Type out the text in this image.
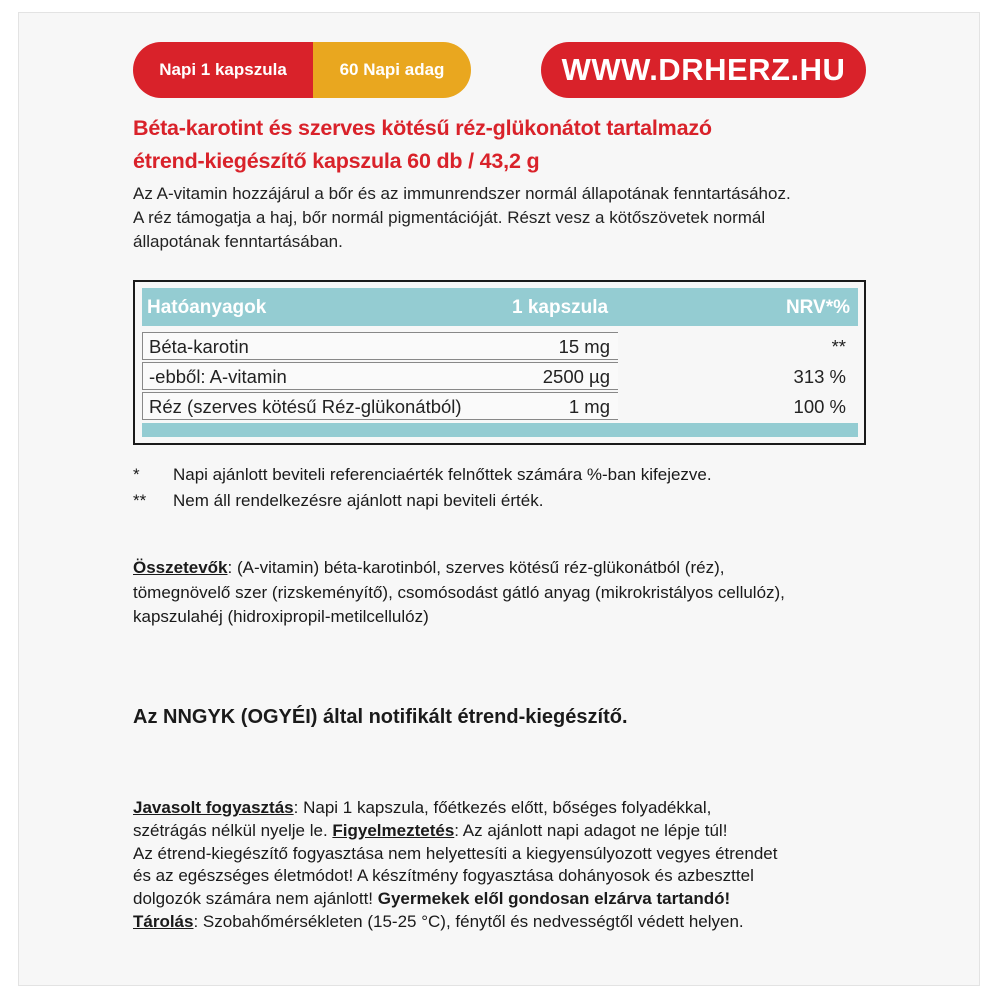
Napi 1 kapszula	60 Napi adag	WWW.DRHERZ.HU
Béta-karotint és szerves kötésű réz-glükonátot tartalmazó
étrend-kiegészítő kapszula 60 db / 43,2 g
Az A-vitamin hozzájárul a bőr és az immunrendszer normál állapotának fenntartásához.
A réz támogatja a haj, bőr normál pigmentációját. Részt vesz a kötőszövetek normál
állapotának fenntartásában.
Hatóanyagok	1 kapszula	NRV*%
Béta-karotin	15 mg	**
-ebből: A-vitamin	2500 µg	313 %
Réz (szerves kötésű Réz-glükonátból)	1 mg	100 %
*	Napi ajánlott beviteli referenciaérték felnőttek számára %-ban kifejezve.
**	Nem áll rendelkezésre ajánlott napi beviteli érték.
Összetevők: (A-vitamin) béta-karotinból, szerves kötésű réz-glükonátból (réz),
tömegnövelő szer (rizskeményítő), csomósodást gátló anyag (mikrokristályos cellulóz),
kapszulahéj (hidroxipropil-metilcellulóz)
Az NNGYK (OGYÉI) által notifikált étrend-kiegészítő.
Javasolt fogyasztás: Napi 1 kapszula, főétkezés előtt, bőséges folyadékkal,
szétrágás nélkül nyelje le. Figyelmeztetés: Az ajánlott napi adagot ne lépje túl!
Az étrend-kiegészítő fogyasztása nem helyettesíti a kiegyensúlyozott vegyes étrendet
és az egészséges életmódot! A készítmény fogyasztása dohányosok és azbeszttel
dolgozók számára nem ajánlott! Gyermekek elől gondosan elzárva tartandó!
Tárolás: Szobahőmérsékleten (15-25 °C), fénytől és nedvességtől védett helyen.
